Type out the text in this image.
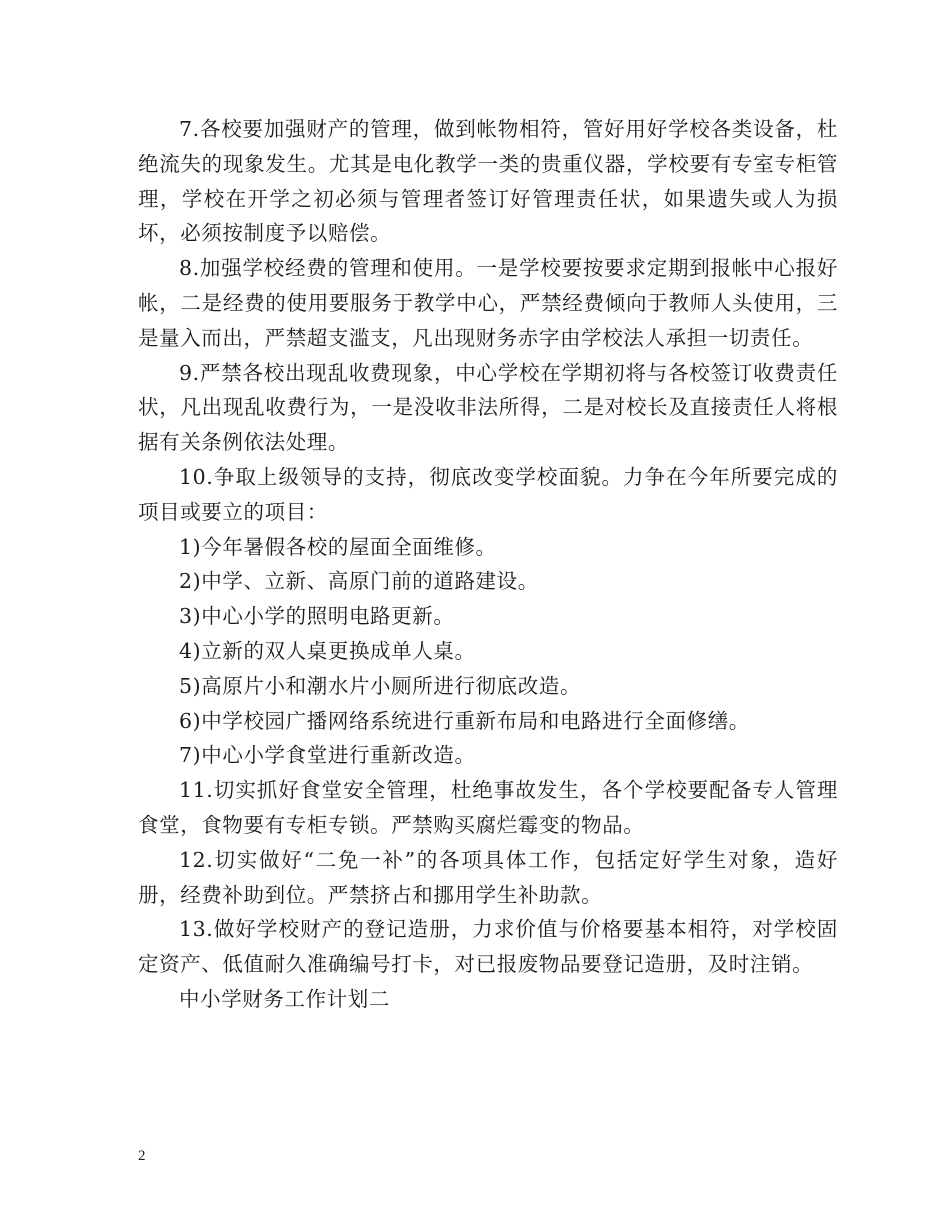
7.各校要加强财产的管理，做到帐物相符，管好用好学校各类设备，杜绝流失的现象发生。尤其是电化教学一类的贵重仪器，学校要有专室专柜管理，学校在开学之初必须与管理者签订好管理责任状，如果遗失或人为损坏，必须按制度予以赔偿。

8.加强学校经费的管理和使用。一是学校要按要求定期到报帐中心报好帐，二是经费的使用要服务于教学中心，严禁经费倾向于教师人头使用，三是量入而出，严禁超支滥支，凡出现财务赤字由学校法人承担一切责任。

9.严禁各校出现乱收费现象，中心学校在学期初将与各校签订收费责任状，凡出现乱收费行为，一是没收非法所得，二是对校长及直接责任人将根据有关条例依法处理。

10.争取上级领导的支持，彻底改变学校面貌。力争在今年所要完成的项目或要立的项目：

1)今年暑假各校的屋面全面维修。

2)中学、立新、高原门前的道路建设。

3)中心小学的照明电路更新。

4)立新的双人桌更换成单人桌。

5)高原片小和潮水片小厕所进行彻底改造。

6)中学校园广播网络系统进行重新布局和电路进行全面修缮。

7)中心小学食堂进行重新改造。

11.切实抓好食堂安全管理，杜绝事故发生，各个学校要配备专人管理食堂，食物要有专柜专锁。严禁购买腐烂霉变的物品。

12.切实做好“二免一补”的各项具体工作，包括定好学生对象，造好册，经费补助到位。严禁挤占和挪用学生补助款。

13.做好学校财产的登记造册，力求价值与价格要基本相符，对学校固定资产、低值耐久准确编号打卡，对已报废物品要登记造册，及时注销。

中小学财务工作计划二

2
